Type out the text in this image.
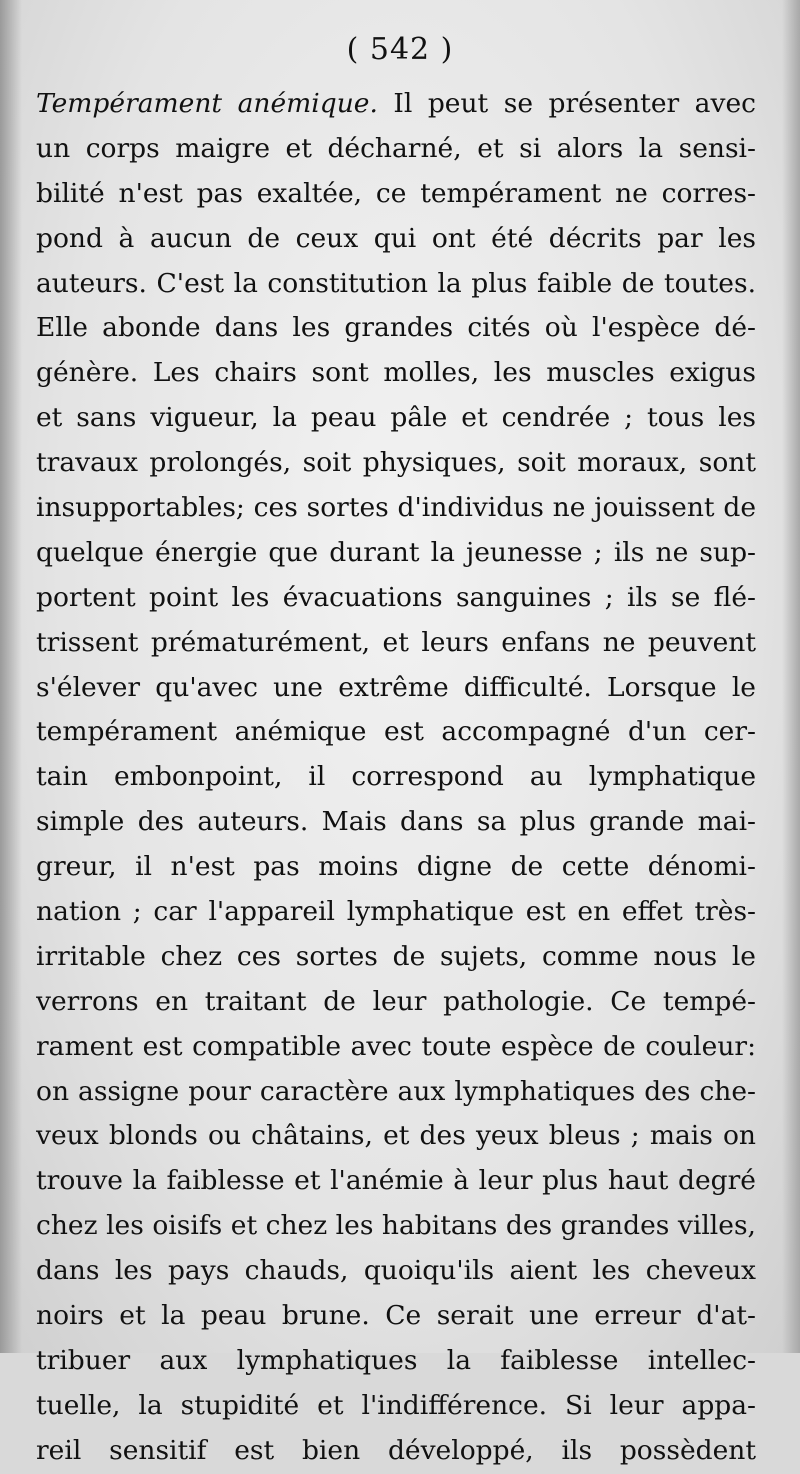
( 542 )
Tempérament anémique. Il peut se présenter avec
un corps maigre et décharné, et si alors la sensi-
bilité n'est pas exaltée, ce tempérament ne corres-
pond à aucun de ceux qui ont été décrits par les
auteurs. C'est la constitution la plus faible de toutes.
Elle abonde dans les grandes cités où l'espèce dé-
génère. Les chairs sont molles, les muscles exigus
et sans vigueur, la peau pâle et cendrée ; tous les
travaux prolongés, soit physiques, soit moraux, sont
insupportables; ces sortes d'individus ne jouissent de
quelque énergie que durant la jeunesse ; ils ne sup-
portent point les évacuations sanguines ; ils se flé-
trissent prématurément, et leurs enfans ne peuvent
s'élever qu'avec une extrême difficulté. Lorsque le
tempérament anémique est accompagné d'un cer-
tain embonpoint, il correspond au lymphatique
simple des auteurs. Mais dans sa plus grande mai-
greur, il n'est pas moins digne de cette dénomi-
nation ; car l'appareil lymphatique est en effet très-
irritable chez ces sortes de sujets, comme nous le
verrons en traitant de leur pathologie. Ce tempé-
rament est compatible avec toute espèce de couleur:
on assigne pour caractère aux lymphatiques des che-
veux blonds ou châtains, et des yeux bleus ; mais on
trouve la faiblesse et l'anémie à leur plus haut degré
chez les oisifs et chez les habitans des grandes villes,
dans les pays chauds, quoiqu'ils aient les cheveux
noirs et la peau brune. Ce serait une erreur d'at-
tribuer aux lymphatiques la faiblesse intellec-
tuelle, la stupidité et l'indifférence. Si leur appa-
reil sensitif est bien développé, ils possèdent
